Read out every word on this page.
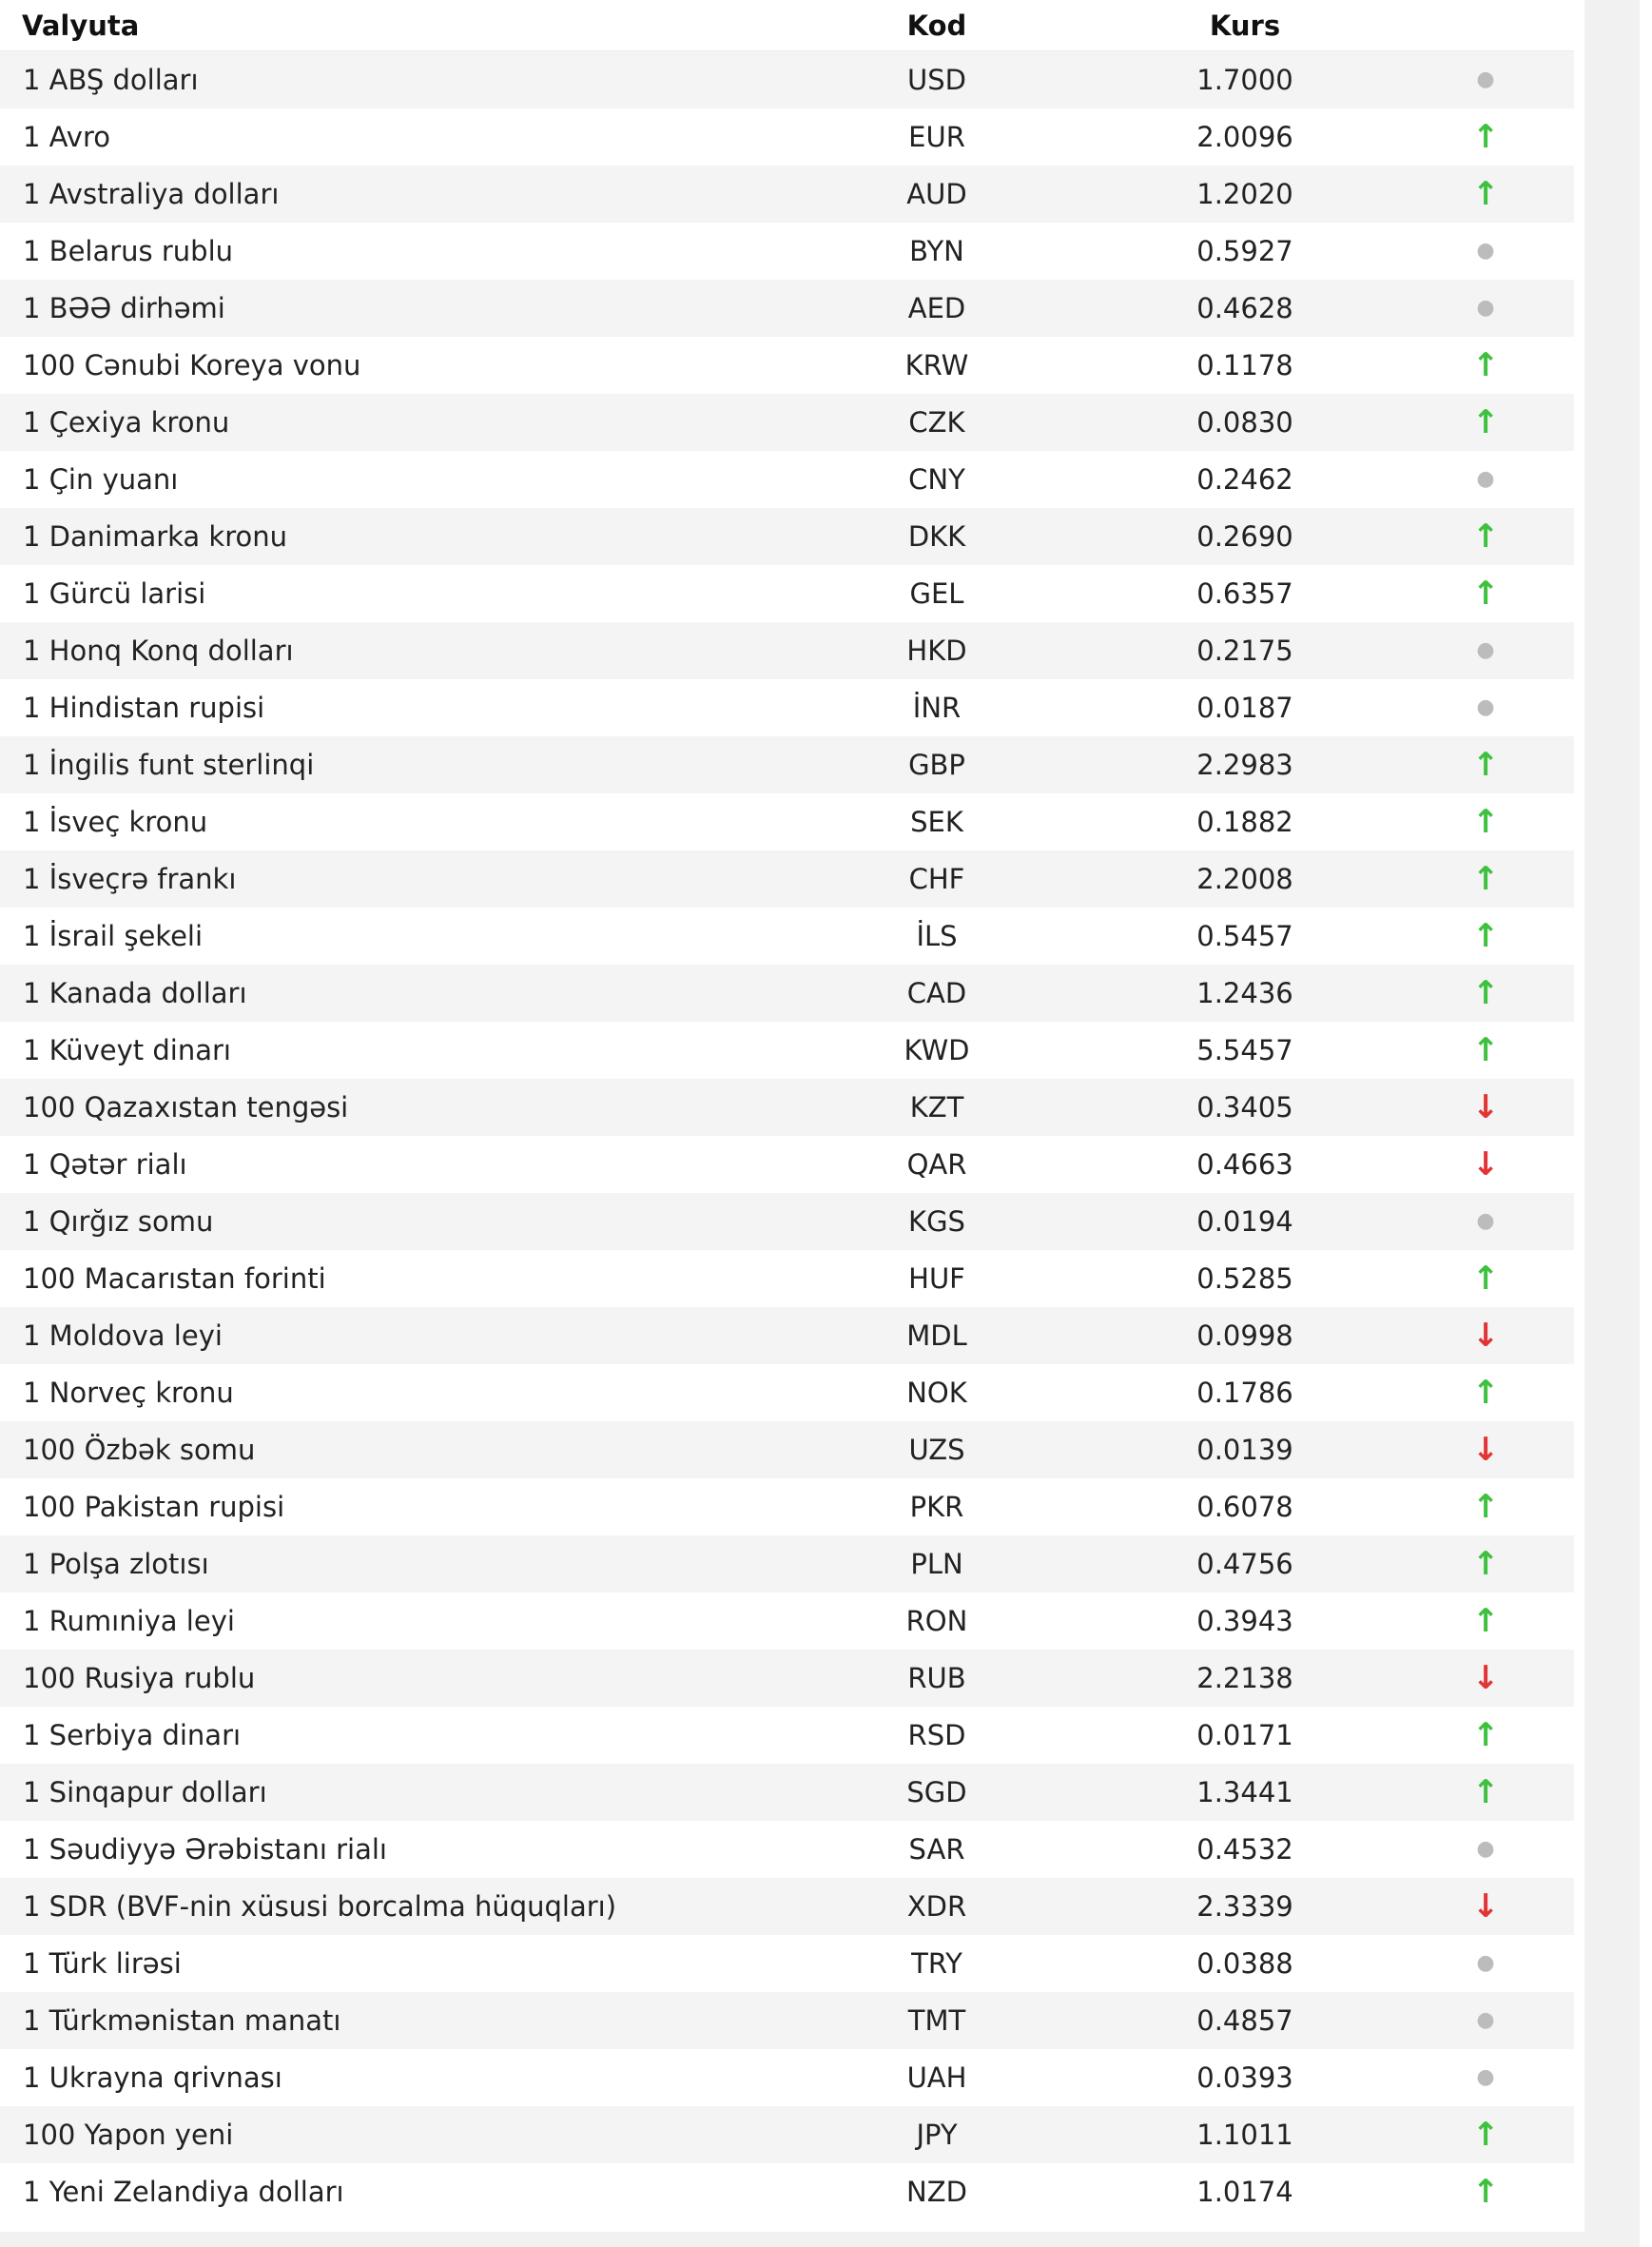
Valyuta	Kod	Kurs
1 ABŞ dolları	USD	1.7000	●
1 Avro	EUR	2.0096	↑
1 Avstraliya dolları	AUD	1.2020	↑
1 Belarus rublu	BYN	0.5927	●
1 BƏƏ dirhəmi	AED	0.4628	●
100 Cənubi Koreya vonu	KRW	0.1178	↑
1 Çexiya kronu	CZK	0.0830	↑
1 Çin yuanı	CNY	0.2462	●
1 Danimarka kronu	DKK	0.2690	↑
1 Gürcü larisi	GEL	0.6357	↑
1 Honq Konq dolları	HKD	0.2175	●
1 Hindistan rupisi	İNR	0.0187	●
1 İngilis funt sterlinqi	GBP	2.2983	↑
1 İsveç kronu	SEK	0.1882	↑
1 İsveçrə frankı	CHF	2.2008	↑
1 İsrail şekeli	İLS	0.5457	↑
1 Kanada dolları	CAD	1.2436	↑
1 Küveyt dinarı	KWD	5.5457	↑
100 Qazaxıstan tengəsi	KZT	0.3405	↓
1 Qətər rialı	QAR	0.4663	↓
1 Qırğız somu	KGS	0.0194	●
100 Macarıstan forinti	HUF	0.5285	↑
1 Moldova leyi	MDL	0.0998	↓
1 Norveç kronu	NOK	0.1786	↑
100 Özbək somu	UZS	0.0139	↓
100 Pakistan rupisi	PKR	0.6078	↑
1 Polşa zlotısı	PLN	0.4756	↑
1 Rumıniya leyi	RON	0.3943	↑
100 Rusiya rublu	RUB	2.2138	↓
1 Serbiya dinarı	RSD	0.0171	↑
1 Sinqapur dolları	SGD	1.3441	↑
1 Səudiyyə Ərəbistanı rialı	SAR	0.4532	●
1 SDR (BVF-nin xüsusi borcalma hüquqları)	XDR	2.3339	↓
1 Türk lirəsi	TRY	0.0388	●
1 Türkmənistan manatı	TMT	0.4857	●
1 Ukrayna qrivnası	UAH	0.0393	●
100 Yapon yeni	JPY	1.1011	↑
1 Yeni Zelandiya dolları	NZD	1.0174	↑
